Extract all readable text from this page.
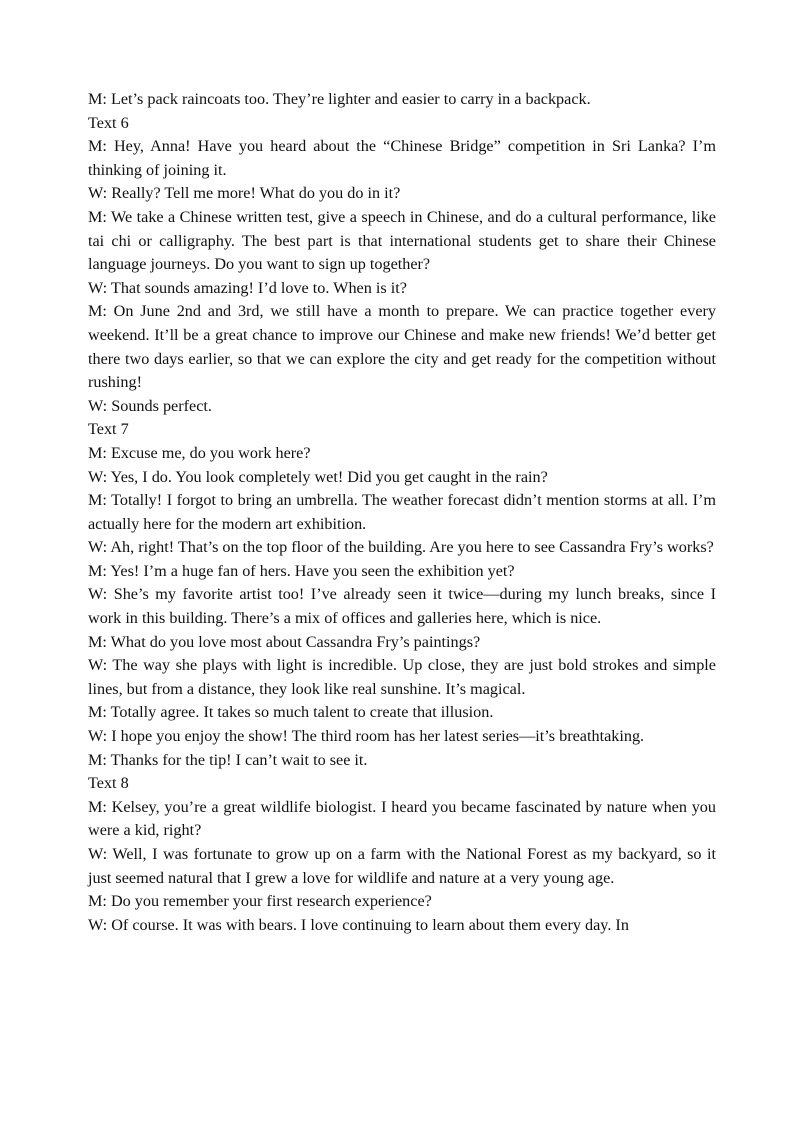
M: Let’s pack raincoats too. They’re lighter and easier to carry in a backpack.

Text 6

M: Hey, Anna! Have you heard about the “Chinese Bridge” competition in Sri Lanka? I’m thinking of joining it.

W: Really? Tell me more! What do you do in it?

M: We take a Chinese written test, give a speech in Chinese, and do a cultural performance, like tai chi or calligraphy. The best part is that international students get to share their Chinese language journeys. Do you want to sign up together?

W: That sounds amazing! I’d love to. When is it?

M: On June 2nd and 3rd, we still have a month to prepare. We can practice together every weekend. It’ll be a great chance to improve our Chinese and make new friends! We’d better get there two days earlier, so that we can explore the city and get ready for the competition without rushing!

W: Sounds perfect.

Text 7

M: Excuse me, do you work here?

W: Yes, I do. You look completely wet! Did you get caught in the rain?

M: Totally! I forgot to bring an umbrella. The weather forecast didn’t mention storms at all. I’m actually here for the modern art exhibition.

W: Ah, right! That’s on the top floor of the building. Are you here to see Cassandra Fry’s works?

M: Yes! I’m a huge fan of hers. Have you seen the exhibition yet?

W: She’s my favorite artist too! I’ve already seen it twice—during my lunch breaks, since I work in this building. There’s a mix of offices and galleries here, which is nice.

M: What do you love most about Cassandra Fry’s paintings?

W: The way she plays with light is incredible. Up close, they are just bold strokes and simple lines, but from a distance, they look like real sunshine. It’s magical.

M: Totally agree. It takes so much talent to create that illusion.

W: I hope you enjoy the show! The third room has her latest series—it’s breathtaking.

M: Thanks for the tip! I can’t wait to see it.

Text 8

M: Kelsey, you’re a great wildlife biologist. I heard you became fascinated by nature when you were a kid, right?

W: Well, I was fortunate to grow up on a farm with the National Forest as my backyard, so it just seemed natural that I grew a love for wildlife and nature at a very young age.

M: Do you remember your first research experience?

W: Of course. It was with bears. I love continuing to learn about them every day. In
